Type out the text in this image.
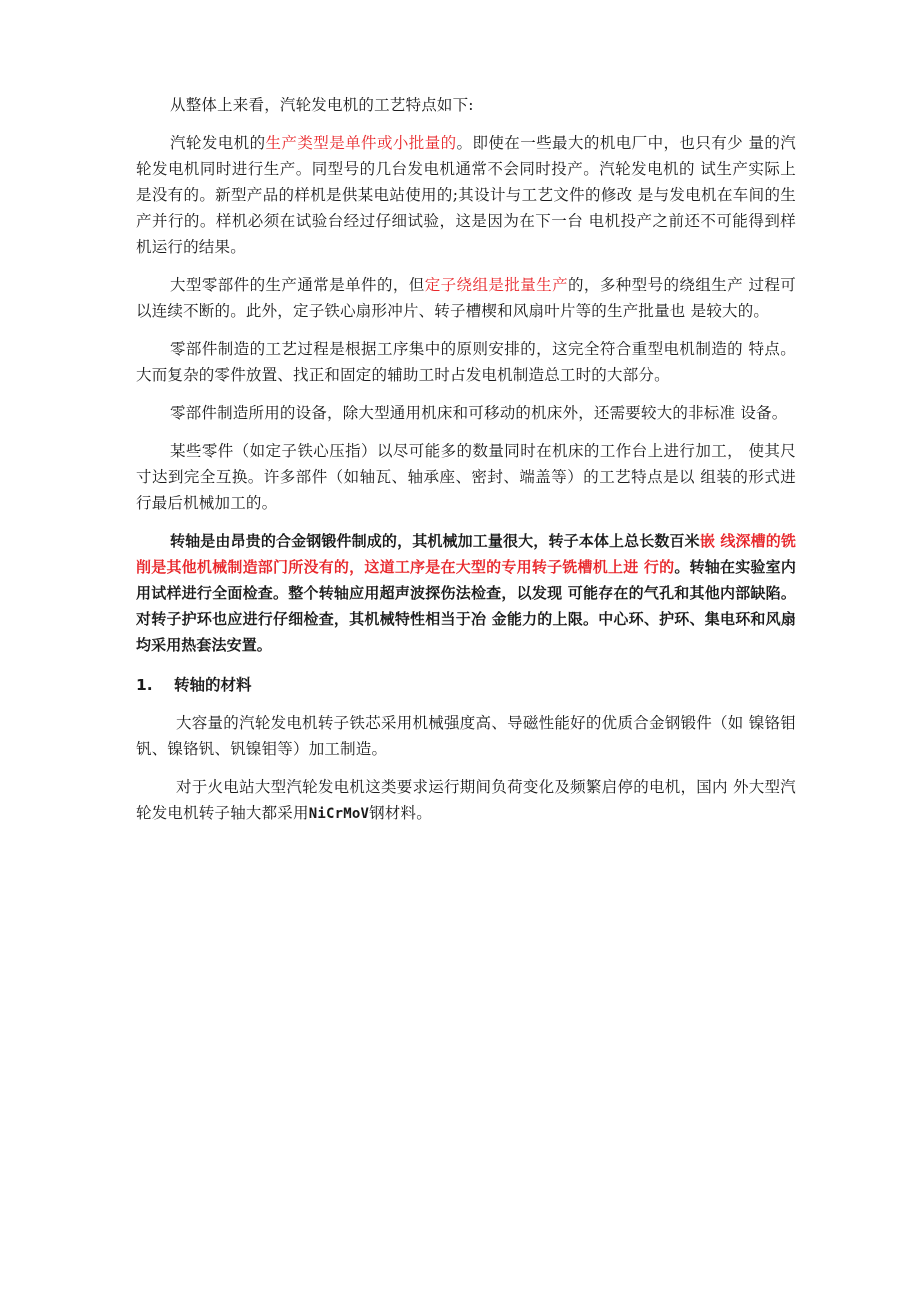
从整体上来看，汽轮发电机的工艺特点如下:

汽轮发电机的生产类型是单件或小批量的。即使在一些最大的机电厂中，也只有少 量的汽轮发电机同时进行生产。同型号的几台发电机通常不会同时投产。汽轮发电机的 试生产实际上是没有的。新型产品的样机是供某电站使用的;其设计与工艺文件的修改 是与发电机在车间的生产并行的。样机必须在试验台经过仔细试验，这是因为在下一台 电机投产之前还不可能得到样机运行的结果。

大型零部件的生产通常是单件的，但定子绕组是批量生产的，多种型号的绕组生产 过程可以连续不断的。此外，定子铁心扇形冲片、转子槽楔和风扇叶片等的生产批量也 是较大的。

零部件制造的工艺过程是根据工序集中的原则安排的，这完全符合重型电机制造的 特点。大而复杂的零件放置、找正和固定的辅助工时占发电机制造总工时的大部分。

零部件制造所用的设备，除大型通用机床和可移动的机床外，还需要较大的非标准 设备。

某些零件（如定子铁心压指）以尽可能多的数量同时在机床的工作台上进行加工， 使其尺寸达到完全互换。许多部件（如轴瓦、轴承座、密封、端盖等）的工艺特点是以 组装的形式进行最后机械加工的。

转轴是由昂贵的合金钢锻件制成的，其机械加工量很大，转子本体上总长数百米嵌 线深槽的铣削是其他机械制造部门所没有的，这道工序是在大型的专用转子铣槽机上进 行的。转轴在实验室内用试样进行全面检查。整个转轴应用超声波探伤法检查，以发现 可能存在的气孔和其他内部缺陷。对转子护环也应进行仔细检查，其机械特性相当于冶 金能力的上限。中心环、护环、集电环和风扇均采用热套法安置。

1. 转轴的材料

大容量的汽轮发电机转子铁芯采用机械强度高、导磁性能好的优质合金钢锻件（如 镍铬钼钒、镍铬钒、钒镍钼等）加工制造。

对于火电站大型汽轮发电机这类要求运行期间负荷变化及频繁启停的电机，国内 外大型汽轮发电机转子轴大都采用NiCrMoV钢材料。
